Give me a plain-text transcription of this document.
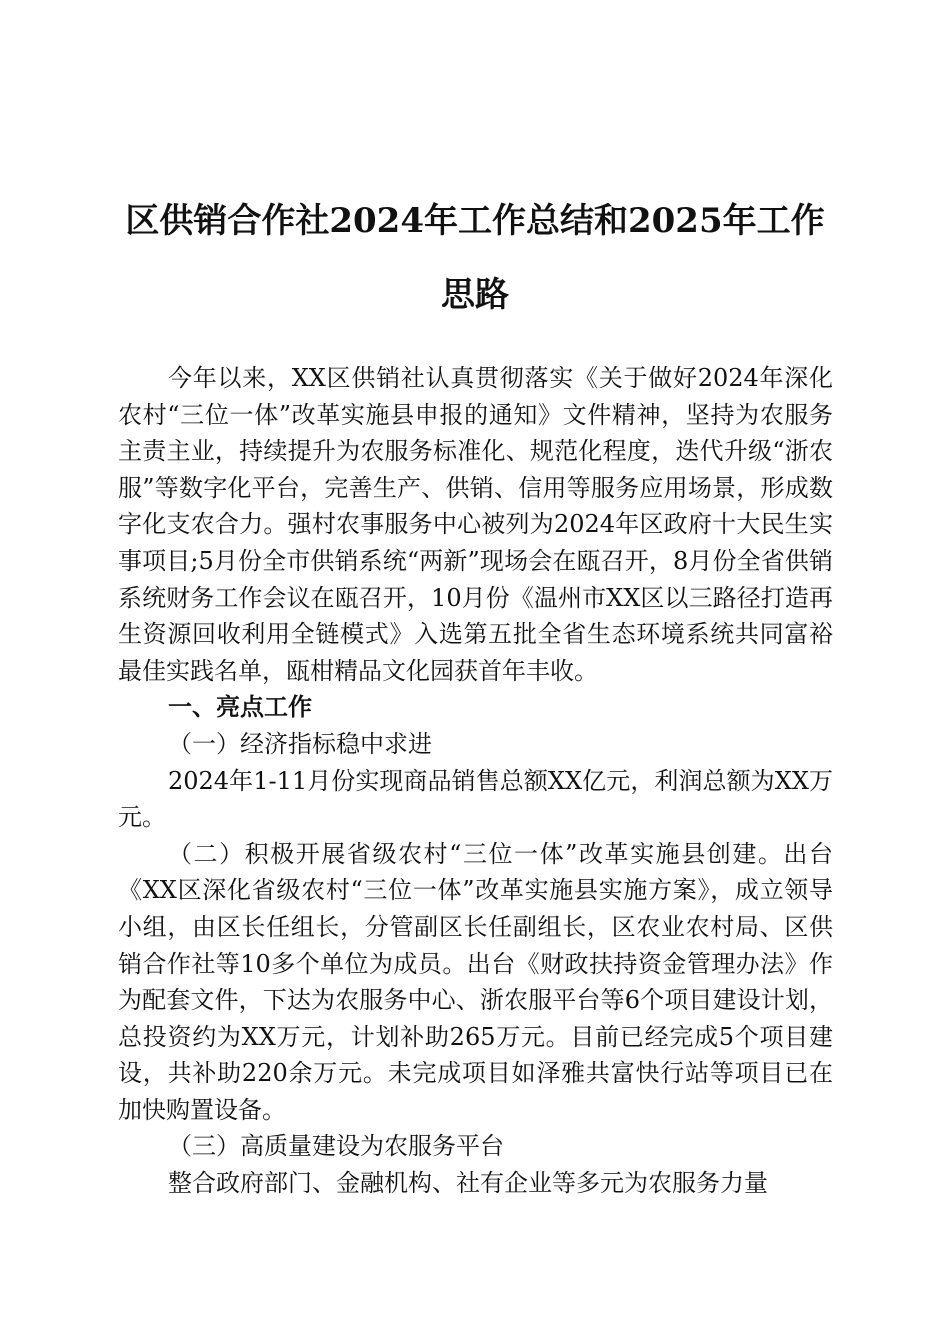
区供销合作社2024年工作总结和2025年工作
思路

今年以来，XX区供销社认真贯彻落实《关于做好2024年深化农村“三位一体”改革实施县申报的通知》文件精神，坚持为农服务主责主业，持续提升为农服务标准化、规范化程度，迭代升级“浙农服”等数字化平台，完善生产、供销、信用等服务应用场景，形成数字化支农合力。强村农事服务中心被列为2024年区政府十大民生实事项目;5月份全市供销系统“两新”现场会在瓯召开，8月份全省供销系统财务工作会议在瓯召开，10月份《温州市XX区以三路径打造再生资源回收利用全链模式》入选第五批全省生态环境系统共同富裕最佳实践名单，瓯柑精品文化园获首年丰收。

一、亮点工作

（一）经济指标稳中求进

2024年1-11月份实现商品销售总额XX亿元，利润总额为XX万元。

（二）积极开展省级农村“三位一体”改革实施县创建。出台《XX区深化省级农村“三位一体”改革实施县实施方案》，成立领导小组，由区长任组长，分管副区长任副组长，区农业农村局、区供销合作社等10多个单位为成员。出台《财政扶持资金管理办法》作为配套文件，下达为农服务中心、浙农服平台等6个项目建设计划，总投资约为XX万元，计划补助265万元。目前已经完成5个项目建设，共补助220余万元。未完成项目如泽雅共富快行站等项目已在加快购置设备。

（三）高质量建设为农服务平台

整合政府部门、金融机构、社有企业等多元为农服务力量
